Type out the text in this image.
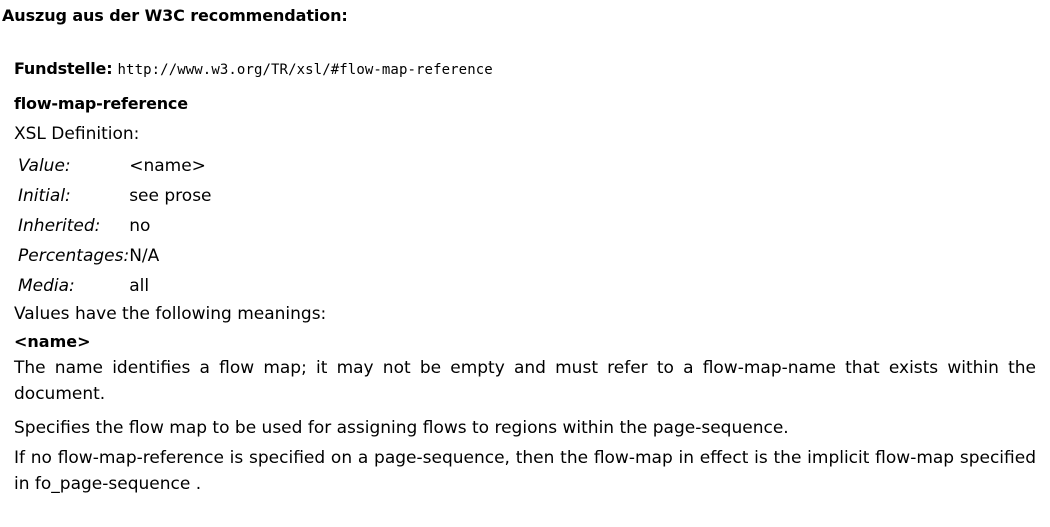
Auszug aus der W3C recommendation:
Fundstelle: http://www.w3.org/TR/xsl/#flow-map-reference
flow-map-reference
XSL Definition:
Value:	<name>
Initial:	see prose
Inherited:	no
Percentages:	N/A
Media:	all
Values have the following meanings:
<name>
The name identifies a flow map; it may not be empty and must refer to a flow-map-name that exists within the document.
Specifies the flow map to be used for assigning flows to regions within the page-sequence.
If no flow-map-reference is specified on a page-sequence, then the flow-map in effect is the implicit flow-map specified in fo_page-sequence .
